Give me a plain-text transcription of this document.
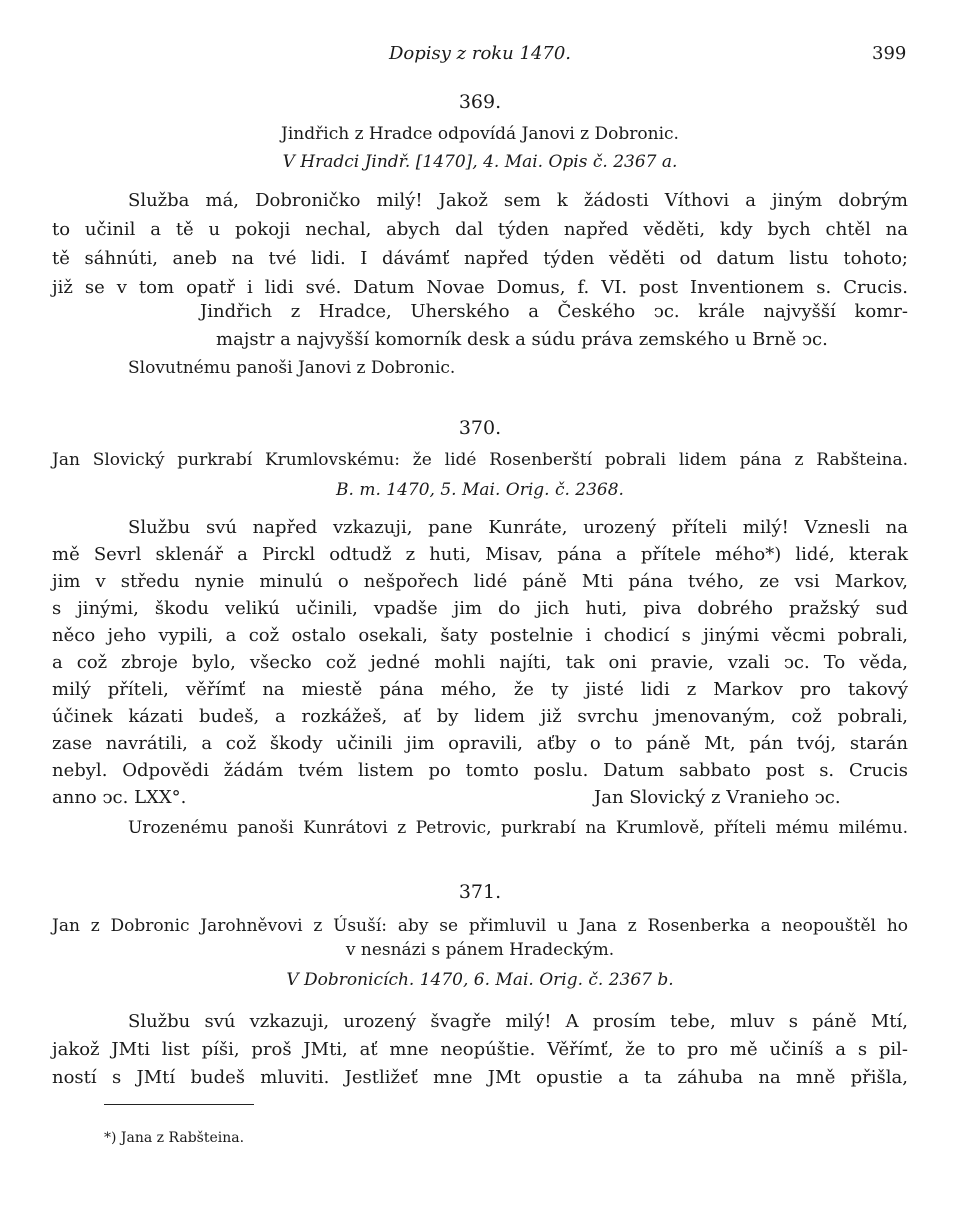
Dopisy z roku 1470.	399
369.
Jindřich z Hradce odpovídá Janovi z Dobronic.
V Hradci Jindř. [1470], 4. Mai. Opis č. 2367 a.
Služba má, Dobroničko milý! Jakož sem k žádosti Víthovi a jiným dobrým
to učinil a tě u pokoji nechal, abych dal týden napřed věděti, kdy bych chtěl na
tě sáhnúti, aneb na tvé lidi. I dávámť napřed týden věděti od datum listu tohoto;
již se v tom opatř i lidi své. Datum Novae Domus, f. VI. post Inventionem s. Crucis.
Jindřich z Hradce, Uherského a Českého ↄc. krále najvyšší komr-
majstr a najvyšší komorník desk a súdu práva zemského u Brně ↄc.
Slovutnému panoši Janovi z Dobronic.
370.
Jan Slovický purkrabí Krumlovskému: že lidé Rosenberští pobrali lidem pána z Rabšteina.
B. m. 1470, 5. Mai. Orig. č. 2368.
Službu svú napřed vzkazuji, pane Kunráte, urozený příteli milý! Vznesli na
mě Sevrl sklenář a Pirckl odtudž z huti, Misav, pána a přítele mého*) lidé, kterak
jim v středu nynie minulú o nešpořech lidé páně Mti pána tvého, ze vsi Markov,
s jinými, škodu velikú učinili, vpadše jim do jich huti, piva dobrého pražský sud
něco jeho vypili, a což ostalo osekali, šaty postelnie i chodicí s jinými věcmi pobrali,
a což zbroje bylo, všecko což jedné mohli najíti, tak oni pravie, vzali ↄc. To věda,
milý příteli, věřímť na miestě pána mého, že ty jisté lidi z Markov pro takový
účinek kázati budeš, a rozkážeš, ať by lidem již svrchu jmenovaným, což pobrali,
zase navrátili, a což škody učinili jim opravili, aťby o to páně Mt, pán tvój, starán
nebyl. Odpovědi žádám tvém listem po tomto poslu. Datum sabbato post s. Crucis
anno ↄc. LXX°.	Jan Slovický z Vranieho ↄc.
Urozenému panoši Kunrátovi z Petrovic, purkrabí na Krumlově, příteli mému milému.
371.
Jan z Dobronic Jarohněvovi z Úsuší: aby se přimluvil u Jana z Rosenberka a neopouštěl ho
v nesnázi s pánem Hradeckým.
V Dobronicích. 1470, 6. Mai. Orig. č. 2367 b.
Službu svú vzkazuji, urozený švagře milý! A prosím tebe, mluv s páně Mtí,
jakož JMti list píši, proš JMti, ať mne neopúštie. Věřímť, že to pro mě učiníš a s pil-
ností s JMtí budeš mluviti. Jestližeť mne JMt opustie a ta záhuba na mně přišla,
*) Jana z Rabšteina.
